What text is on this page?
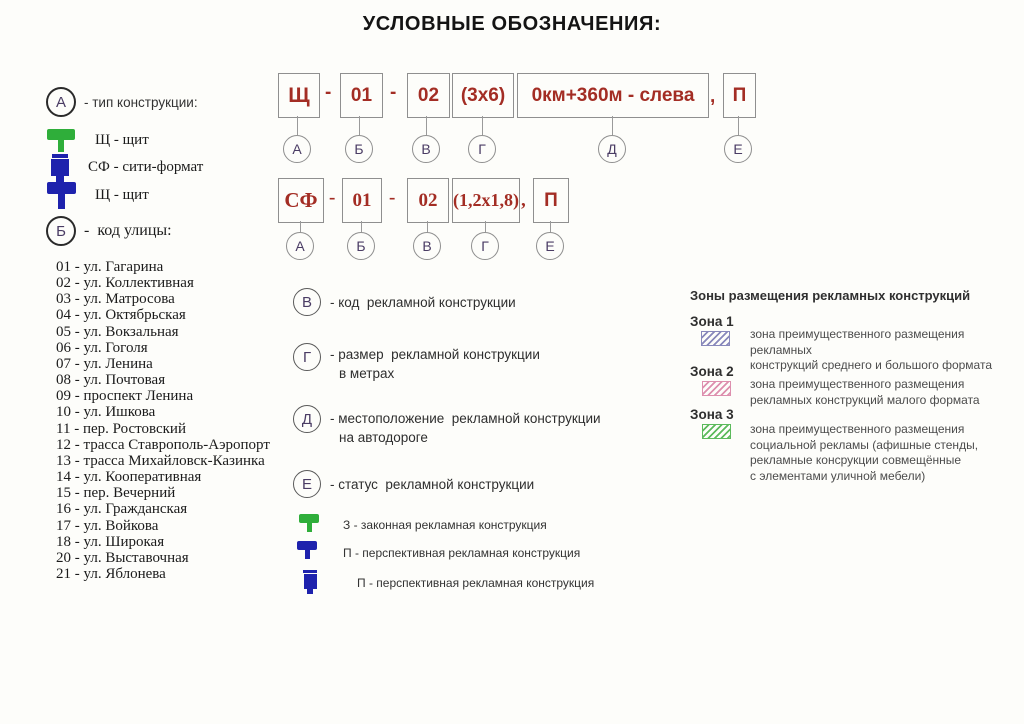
УСЛОВНЫЕ ОБОЗНАЧЕНИЯ:
А - тип конструкции:
Щ - щит
СФ - сити-формат
Щ - щит
Б -  код улицы:
01 - ул. Гагарина
02 - ул. Коллективная
03 - ул. Матросова
04 - ул. Октябрьская
05 - ул. Вокзальная
06 - ул. Гоголя
07 - ул. Ленина
08 - ул. Почтовая
09 - проспект Ленина
10 - ул. Ишкова
11 - пер. Ростовский
12 - трасса Ставрополь-Аэропорт
13 - трасса Михайловск-Казинка
14 - ул. Кооперативная
15 - пер. Вечерний
16 - ул. Гражданская
17 - ул. Войкова
18 - ул. Широкая
20 - ул. Выставочная
21 - ул. Яблонева
Щ -	01 -	02	(3х6)	0км+360м - слева , П
А	Б	В	Г	Д	Е
СФ - 01 -	02 (1,2х1,8) , П
А	Б	В	Г	Е
В - код  рекламной конструкции
Г - размер  рекламной конструкции
в метрах
Д - местоположение  рекламной конструкции
на автодороге
Е - статус  рекламной конструкции
З - законная рекламная конструкция
П - перспективная рекламная конструкция
П - перспективная рекламная конструкция
Зоны размещения рекламных конструкций
Зона 1
зона преимущественного размещения рекламных
конструкций среднего и большого формата
Зона 2
зона преимущественного размещения
рекламных конструкций малого формата
Зона 3
зона преимущественного размещения
социальной рекламы (афишные стенды,
рекламные консрукции совмещённые
с элементами уличной мебели)
